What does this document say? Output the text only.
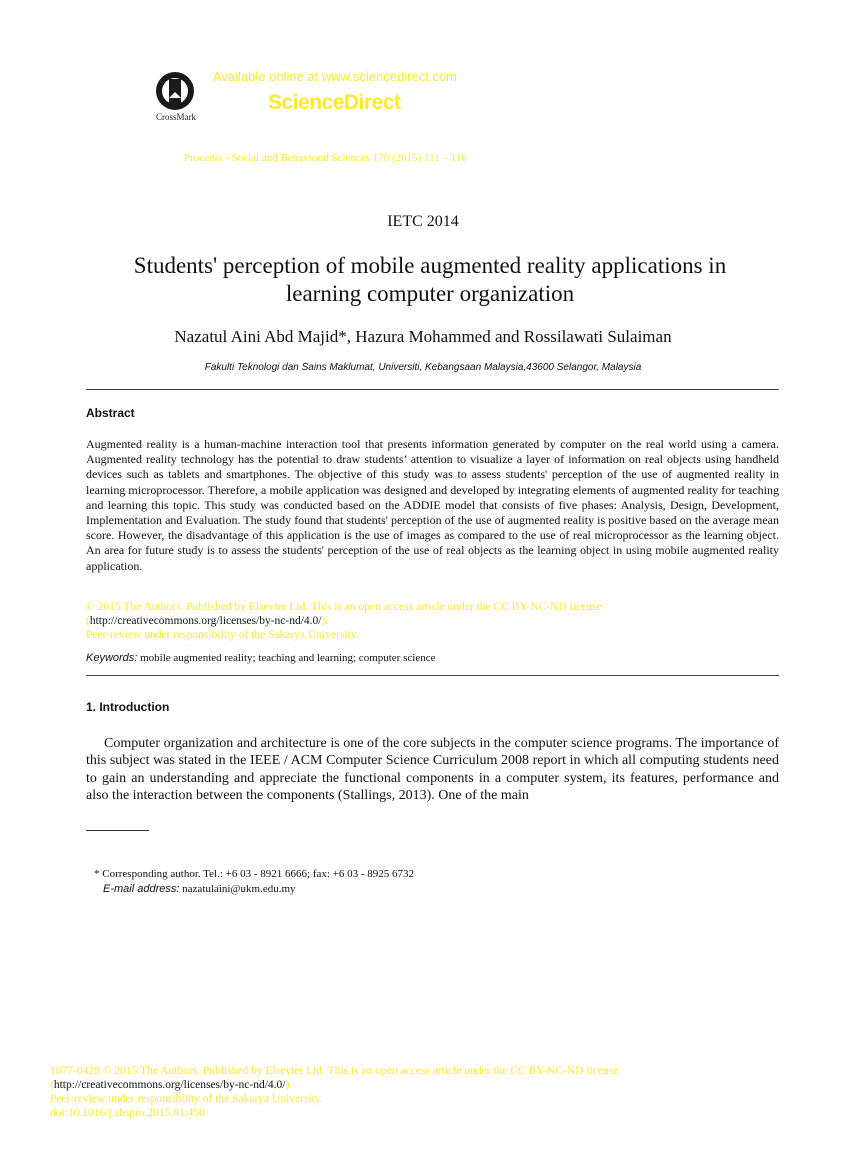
CrossMark
Available online at www.sciencedirect.com
ScienceDirect
Procedia - Social and Behavioral Sciences 176 (2015) 111 – 116
IETC 2014
Students' perception of mobile augmented reality applications in
learning computer organization
Nazatul Aini Abd Majid*, Hazura Mohammed and Rossilawati Sulaiman
Fakulti Teknologi dan Sains Maklumat, Universiti, Kebangsaan Malaysia,43600 Selangor, Malaysia
Abstract
Augmented reality is a human-machine interaction tool that presents information generated by computer on the real world using a camera. Augmented reality technology has the potential to draw students’ attention to visualize a layer of information on real objects using handheld devices such as tablets and smartphones. The objective of this study was to assess students' perception of the use of augmented reality in learning microprocessor. Therefore, a mobile application was designed and developed by integrating elements of augmented reality for teaching and learning this topic. This study was conducted based on the ADDIE model that consists of five phases: Analysis, Design, Development, Implementation and Evaluation. The study found that students' perception of the use of augmented reality is positive based on the average mean score. However, the disadvantage of this application is the use of images as compared to the use of real microprocessor as the learning object. An area for future study is to assess the students' perception of the use of real objects as the learning object in using mobile augmented reality application.
© 2015 The Authors. Published by Elsevier Ltd. This is an open access article under the CC BY-NC-ND license
(http://creativecommons.org/licenses/by-nc-nd/4.0/).
Peer-review under responsibility of the Sakarya University.
Keywords: mobile augmented reality; teaching and learning; computer science
1. Introduction
Computer organization and architecture is one of the core subjects in the computer science programs. The importance of this subject was stated in the IEEE / ACM Computer Science Curriculum 2008 report in which all computing students need to gain an understanding and appreciate the functional components in a computer system, its features, performance and also the interaction between the components (Stallings, 2013). One of the main
* Corresponding author. Tel.: +6 03 - 8921 6666; fax: +6 03 - 8925 6732
E-mail address: nazatulaini@ukm.edu.my
1877-0428 © 2015 The Authors. Published by Elsevier Ltd. This is an open access article under the CC BY-NC-ND license
(http://creativecommons.org/licenses/by-nc-nd/4.0/).
Peer-review under responsibility of the Sakarya University.
doi:10.1016/j.sbspro.2015.01.450
